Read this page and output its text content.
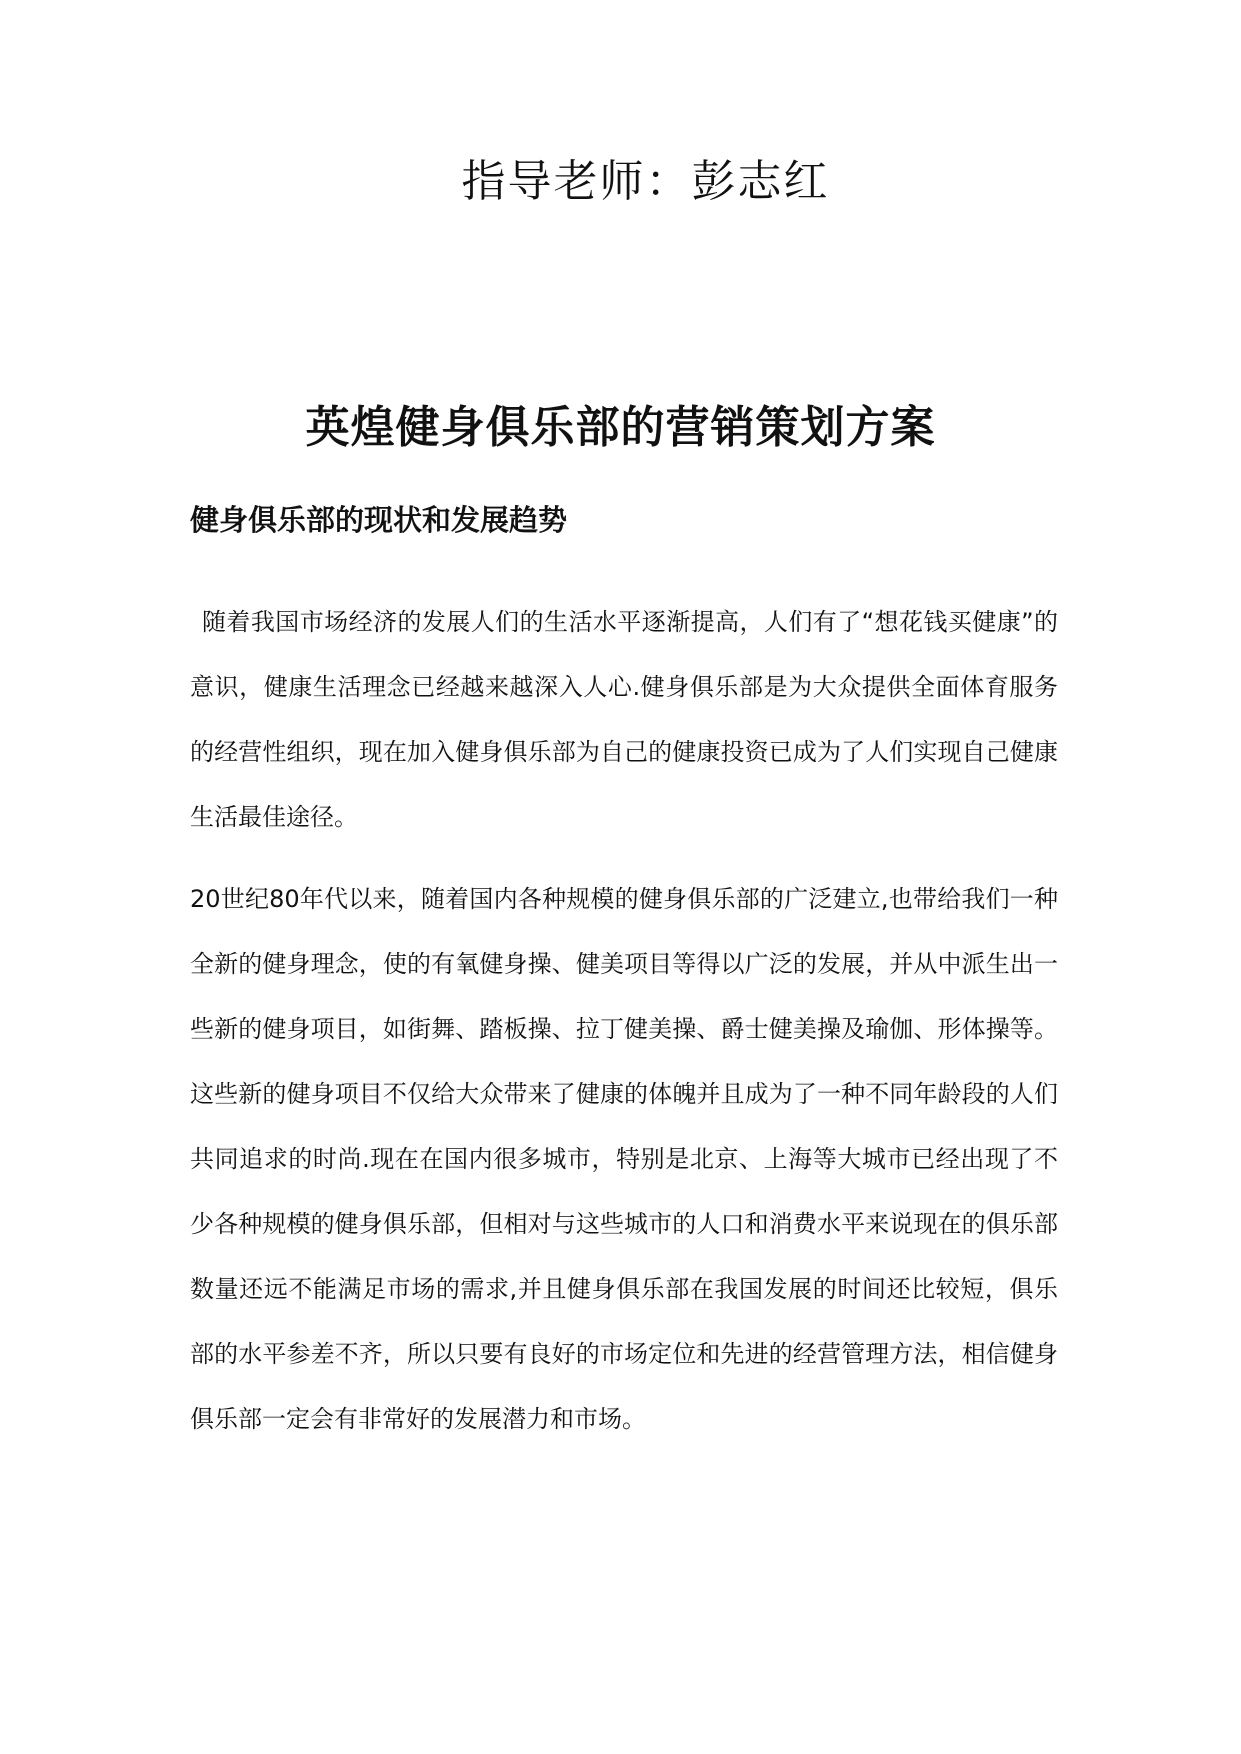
指导老师：彭志红
英煌健身俱乐部的营销策划方案
健身俱乐部的现状和发展趋势

随着我国市场经济的发展人们的生活水平逐渐提高，人们有了“想花钱买健康”的意识，健康生活理念已经越来越深入人心.健身俱乐部是为大众提供全面体育服务的经营性组织，现在加入健身俱乐部为自己的健康投资已成为了人们实现自己健康生活最佳途径。

20世纪80年代以来，随着国内各种规模的健身俱乐部的广泛建立,也带给我们一种全新的健身理念，使的有氧健身操、健美项目等得以广泛的发展，并从中派生出一些新的健身项目，如街舞、踏板操、拉丁健美操、爵士健美操及瑜伽、形体操等。这些新的健身项目不仅给大众带来了健康的体魄并且成为了一种不同年龄段的人们共同追求的时尚.现在在国内很多城市，特别是北京、上海等大城市已经出现了不少各种规模的健身俱乐部，但相对与这些城市的人口和消费水平来说现在的俱乐部数量还远不能满足市场的需求,并且健身俱乐部在我国发展的时间还比较短，俱乐部的水平参差不齐，所以只要有良好的市场定位和先进的经营管理方法，相信健身俱乐部一定会有非常好的发展潜力和市场。
